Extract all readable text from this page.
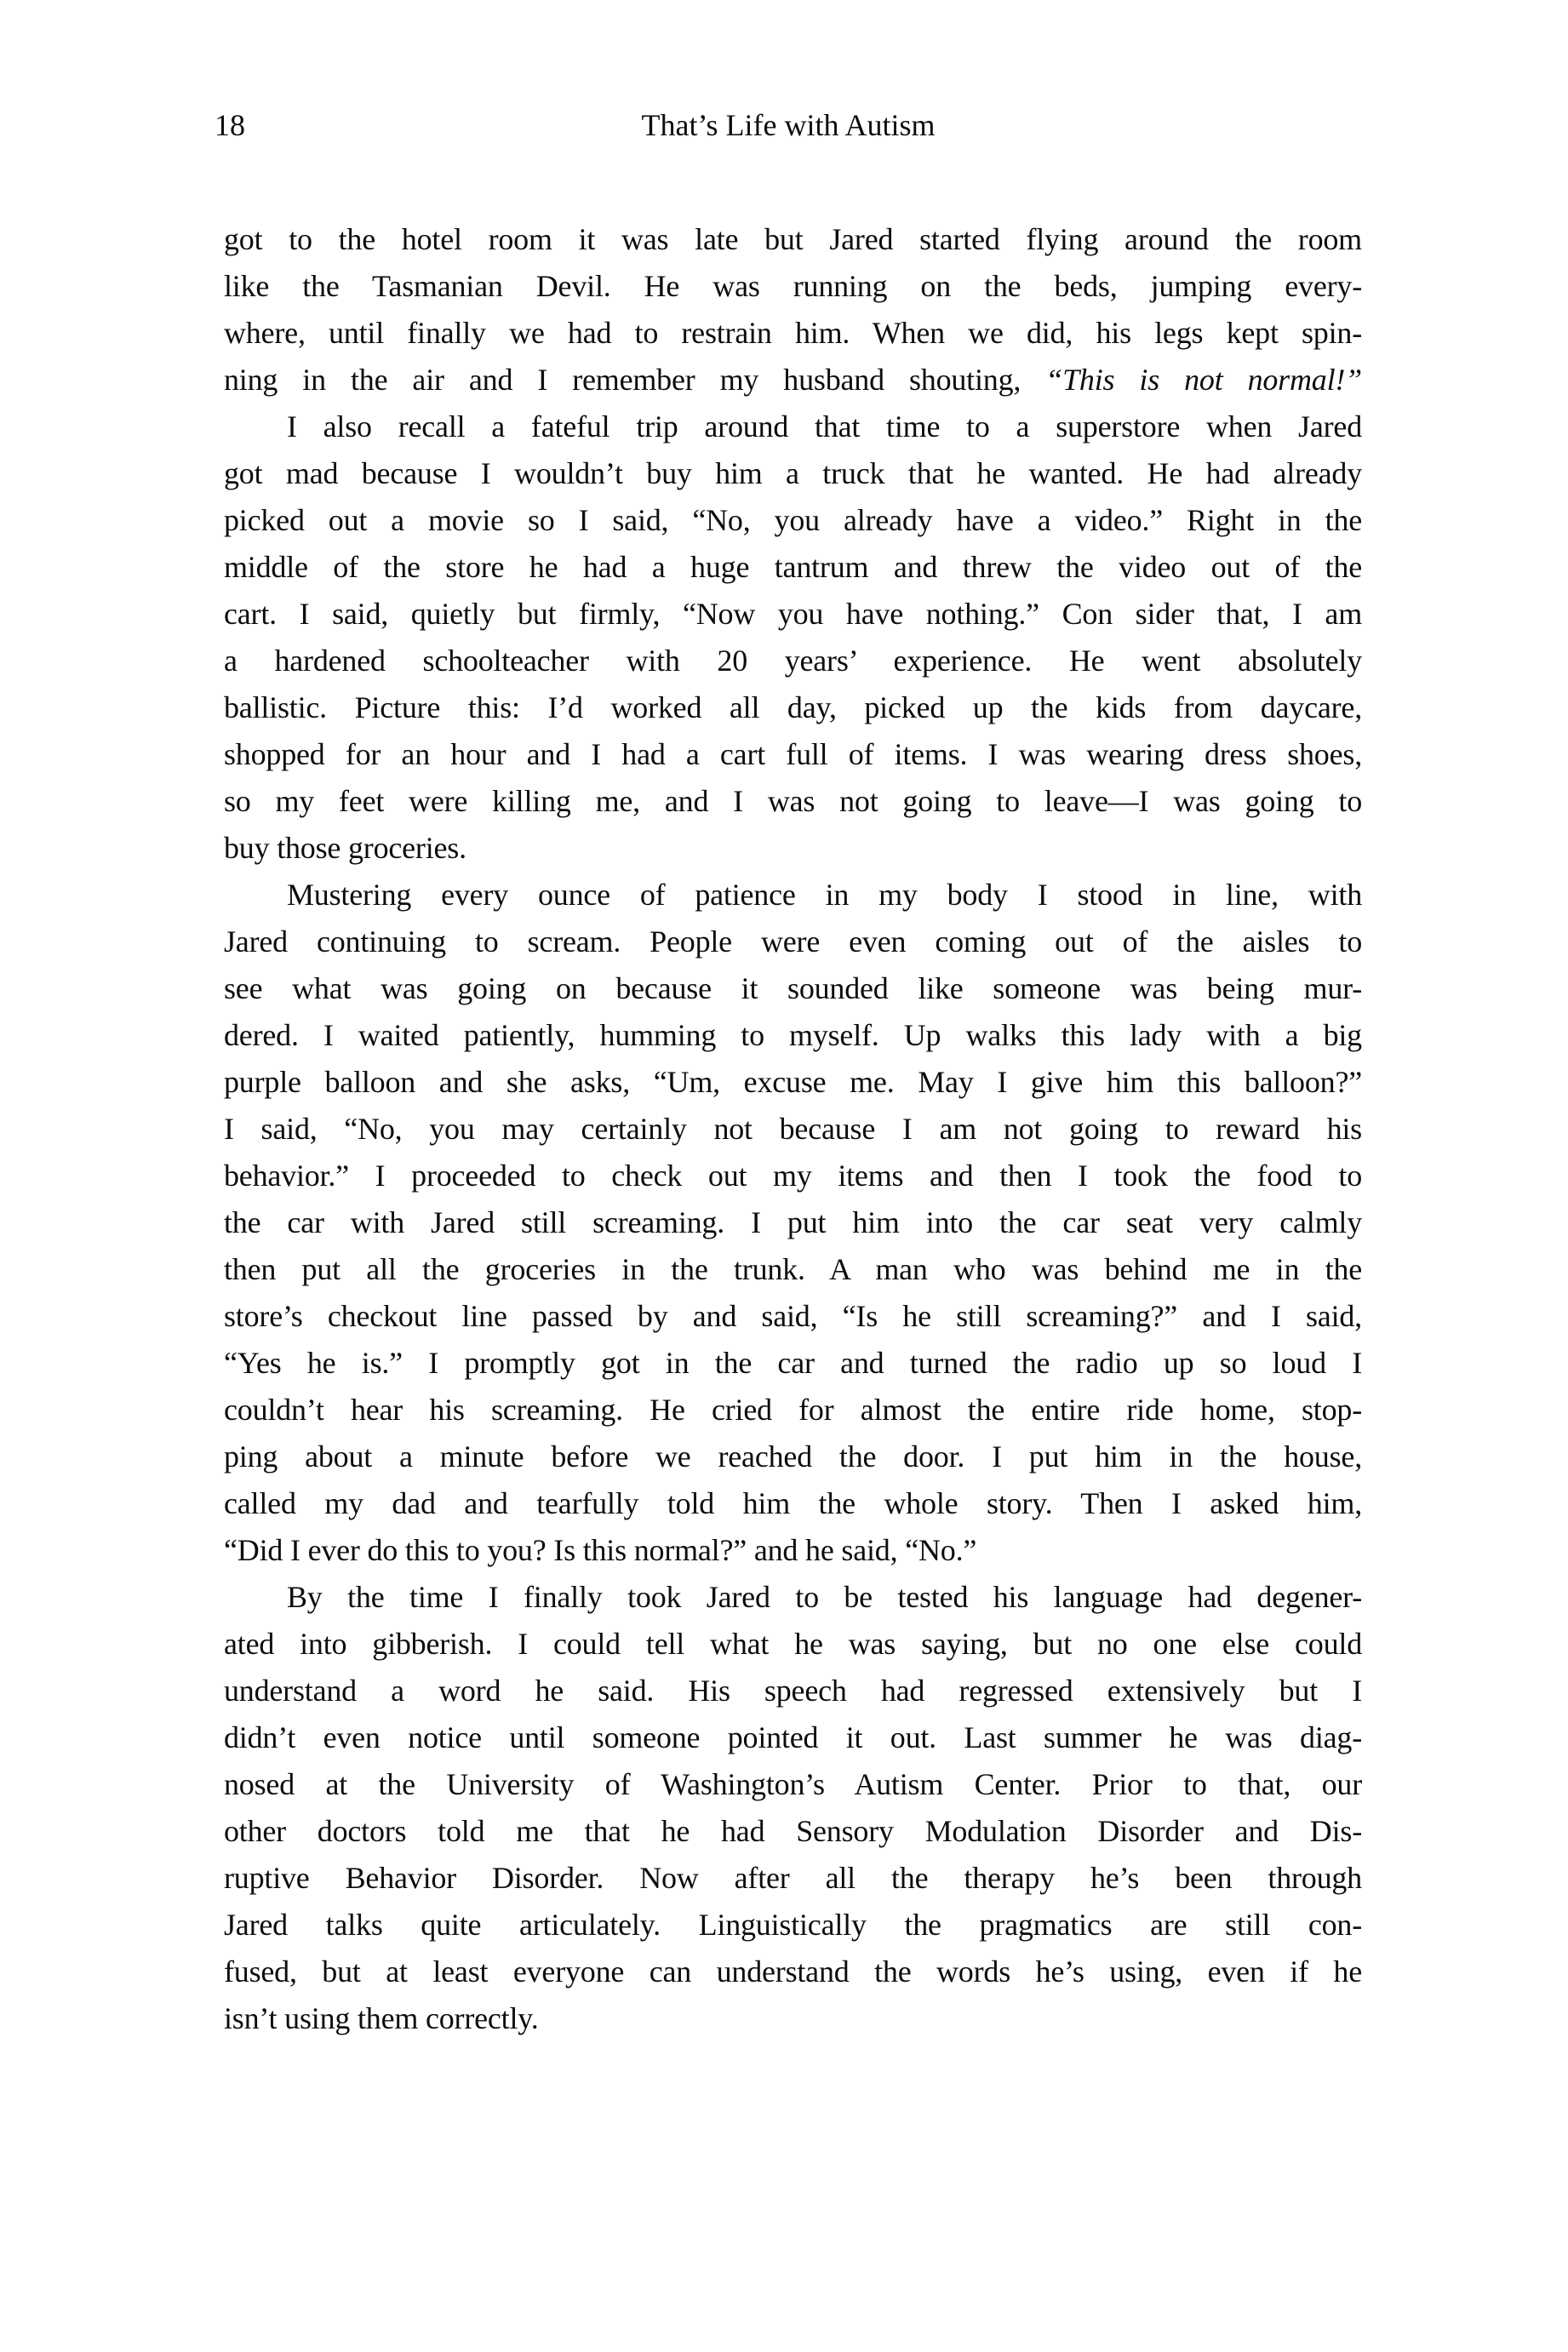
18	That’s Life with Autism
got to the hotel room it was late but Jared started flying around the room
like the Tasmanian Devil. He was running on the beds, jumping every-
where, until finally we had to restrain him. When we did, his legs kept spin-
ning in the air and I remember my husband shouting, “This is not normal!”
I also recall a fateful trip around that time to a superstore when Jared
got mad because I wouldn’t buy him a truck that he wanted. He had already
picked out a movie so I said, “No, you already have a video.” Right in the
middle of the store he had a huge tantrum and threw the video out of the
cart. I said, quietly but firmly, “Now you have nothing.” Con sider that, I am
a hardened schoolteacher with 20 years’ experience. He went absolutely
ballistic. Picture this: I’d worked all day, picked up the kids from daycare,
shopped for an hour and I had a cart full of items. I was wearing dress shoes,
so my feet were killing me, and I was not going to leave—I was going to
buy those groceries.
Mustering every ounce of patience in my body I stood in line, with
Jared continuing to scream. People were even coming out of the aisles to
see what was going on because it sounded like someone was being mur-
dered. I waited patiently, humming to myself. Up walks this lady with a big
purple balloon and she asks, “Um, excuse me. May I give him this balloon?”
I said, “No, you may certainly not because I am not going to reward his
behavior.” I proceeded to check out my items and then I took the food to
the car with Jared still screaming. I put him into the car seat very calmly
then put all the groceries in the trunk. A man who was behind me in the
store’s checkout line passed by and said, “Is he still screaming?” and I said,
“Yes he is.” I promptly got in the car and turned the radio up so loud I
couldn’t hear his screaming. He cried for almost the entire ride home, stop-
ping about a minute before we reached the door. I put him in the house,
called my dad and tearfully told him the whole story. Then I asked him,
“Did I ever do this to you? Is this normal?” and he said, “No.”
By the time I finally took Jared to be tested his language had degener-
ated into gibberish. I could tell what he was saying, but no one else could
understand a word he said. His speech had regressed extensively but I
didn’t even notice until someone pointed it out. Last summer he was diag-
nosed at the University of Washington’s Autism Center. Prior to that, our
other doctors told me that he had Sensory Modulation Disorder and Dis-
ruptive Behavior Disorder. Now after all the therapy he’s been through
Jared talks quite articulately. Linguistically the pragmatics are still con-
fused, but at least everyone can understand the words he’s using, even if he
isn’t using them correctly.
